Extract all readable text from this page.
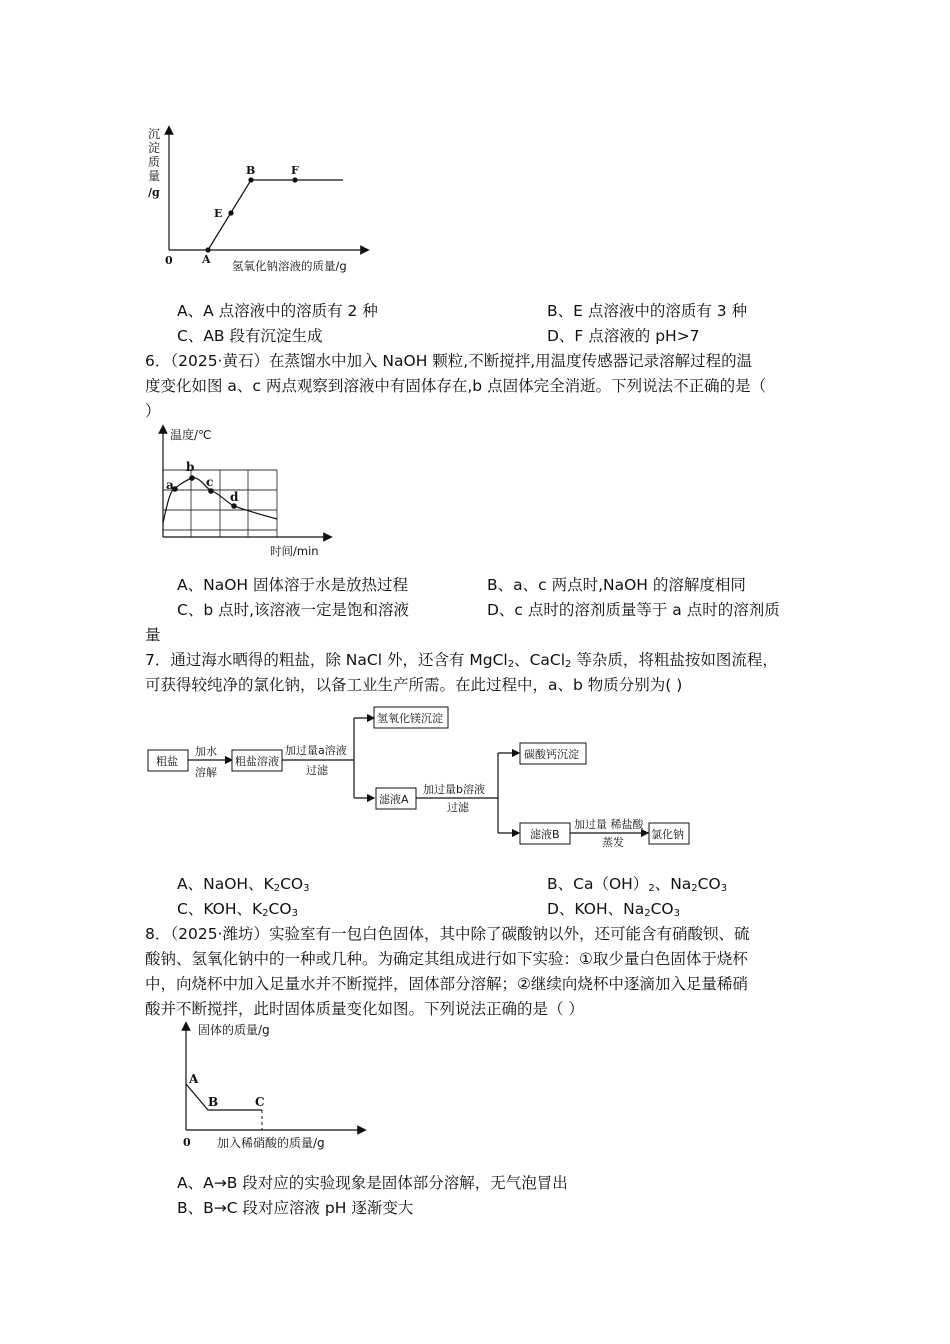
沉
淀
质
量
/g
0	氢氧化钠溶液的质量/g
A
E
B	F
A、A 点溶液中的溶质有 2 种	B、E 点溶液中的溶质有 3 种
C、AB 段有沉淀生成	D、F 点溶液的 pH>7
6．（2025·黄石）在蒸馏水中加入 NaOH 颗粒,不断搅拌,用温度传感器记录溶解过程的温
度变化如图 a、c 两点观察到溶液中有固体存在,b 点固体完全消逝。下列说法不正确的是（
）
温度/℃
时间/min
a
b
c
d
A、NaOH 固体溶于水是放热过程	B、a、c 两点时,NaOH 的溶解度相同
C、b 点时,该溶液一定是饱和溶液	D、c 点时的溶剂质量等于 a 点时的溶剂质
量
7．通过海水晒得的粗盐，除 NaCl 外，还含有 MgCl$_2$、CaCl$_2$ 等杂质，将粗盐按如图流程，
可获得较纯净的氯化钠，以备工业生产所需。在此过程中，a、b 物质分别为( )
粗盐
加水
溶解
粗盐溶液
加过量a溶液
过滤
氢氧化镁沉淀
滤液A
加过量b溶液
过滤
碳酸钙沉淀
滤液B
加过量 稀盐酸
蒸发
氯化钠
A、NaOH、$K_2CO_3$	B、$Ca(OH)_2$、$Na_2CO_3$
C、KOH、$K_2CO_3$	D、KOH、$Na_2CO_3$
8．（2025·潍坊）实验室有一包白色固体，其中除了碳酸钠以外，还可能含有硝酸钡、硫
酸钠、氢氧化钠中的一种或几种。为确定其组成进行如下实验：①取少量白色固体于烧杯
中，向烧杯中加入足量水并不断搅拌，固体部分溶解；②继续向烧杯中逐滴加入足量稀硝
酸并不断搅拌，此时固体质量变化如图。下列说法正确的是（ ）
固体的质量/g
0 加入稀硝酸的质量/g
A
B	C
A、A→B 段对应的实验现象是固体部分溶解，无气泡冒出
B、B→C 段对应溶液 pH 逐渐变大
